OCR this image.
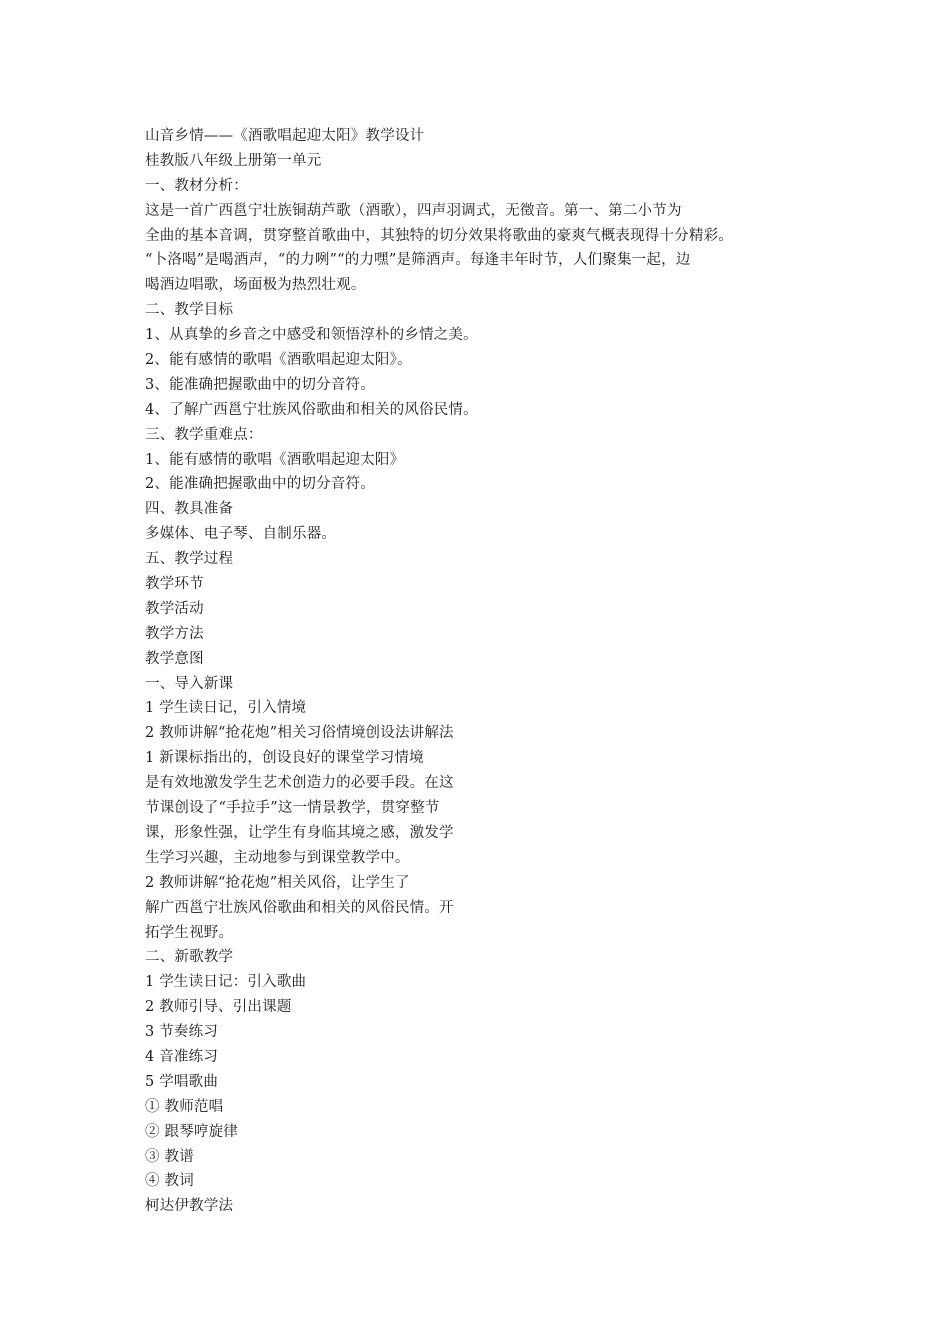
山音乡情——《酒歌唱起迎太阳》教学设计
桂教版八年级上册第一单元
一、教材分析：
这是一首广西邕宁壮族铜葫芦歌（酒歌），四声羽调式，无徵音。第一、第二小节为
全曲的基本音调，贯穿整首歌曲中，其独特的切分效果将歌曲的豪爽气概表现得十分精彩。
“卜洛喝”是喝酒声，“的力咧”“的力嘿”是筛酒声。每逢丰年时节，人们聚集一起，边
喝酒边唱歌，场面极为热烈壮观。
二、教学目标
1、从真挚的乡音之中感受和领悟淳朴的乡情之美。
2、能有感情的歌唱《酒歌唱起迎太阳》。
3、能准确把握歌曲中的切分音符。
4、了解广西邕宁壮族风俗歌曲和相关的风俗民情。
三、教学重难点：
1、能有感情的歌唱《酒歌唱起迎太阳》
2、能准确把握歌曲中的切分音符。
四、教具准备
多媒体、电子琴、自制乐器。
五、教学过程
教学环节
教学活动
教学方法
教学意图
一、导入新课
1 学生读日记，引入情境
2 教师讲解“抢花炮”相关习俗情境创设法讲解法
1 新课标指出的，创设良好的课堂学习情境
是有效地激发学生艺术创造力的必要手段。在这
节课创设了“手拉手”这一情景教学，贯穿整节
课，形象性强，让学生有身临其境之感，激发学
生学习兴趣，主动地参与到课堂教学中。
2 教师讲解“抢花炮”相关风俗，让学生了
解广西邕宁壮族风俗歌曲和相关的风俗民情。开
拓学生视野。
二、新歌教学
1 学生读日记：引入歌曲
2 教师引导、引出课题
3 节奏练习
4 音准练习
5 学唱歌曲
① 教师范唱
② 跟琴哼旋律
③ 教谱
④ 教词
柯达伊教学法
